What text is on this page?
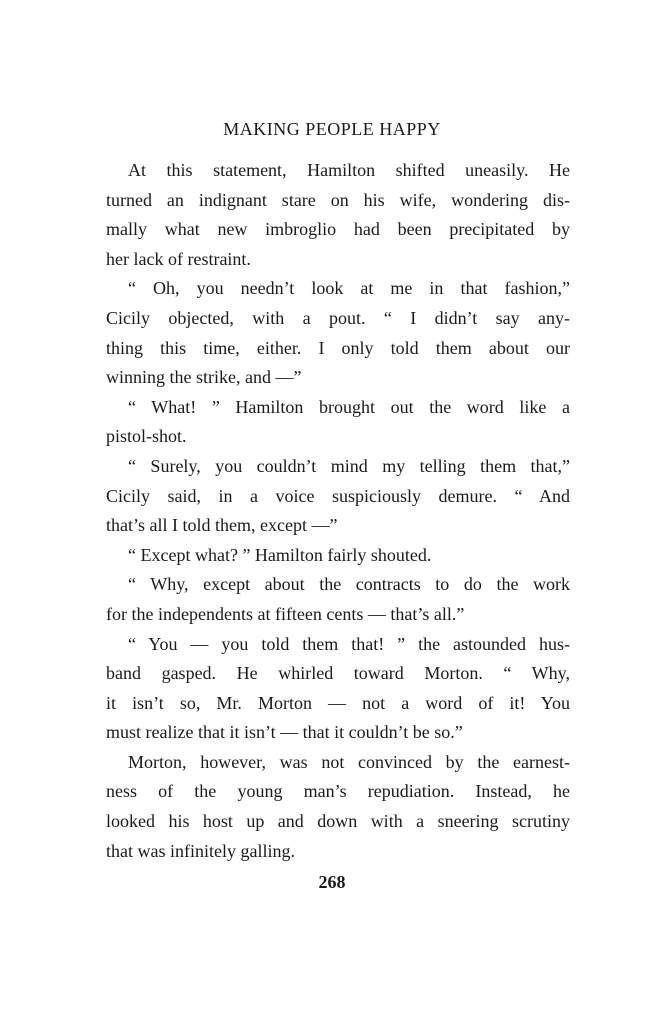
MAKING PEOPLE HAPPY
At this statement, Hamilton shifted uneasily. He
turned an indignant stare on his wife, wondering dis-
mally what new imbroglio had been precipitated by
her lack of restraint.
“ Oh, you needn’t look at me in that fashion,”
Cicily objected, with a pout. “ I didn’t say any-
thing this time, either. I only told them about our
winning the strike, and —”
“ What! ” Hamilton brought out the word like a
pistol-shot.
“ Surely, you couldn’t mind my telling them that,”
Cicily said, in a voice suspiciously demure. “ And
that’s all I told them, except —”
“ Except what? ” Hamilton fairly shouted.
“ Why, except about the contracts to do the work
for the independents at fifteen cents — that’s all.”
“ You — you told them that! ” the astounded hus-
band gasped. He whirled toward Morton. “ Why,
it isn’t so, Mr. Morton — not a word of it! You
must realize that it isn’t — that it couldn’t be so.”
Morton, however, was not convinced by the earnest-
ness of the young man’s repudiation. Instead, he
looked his host up and down with a sneering scrutiny
that was infinitely galling.
268
